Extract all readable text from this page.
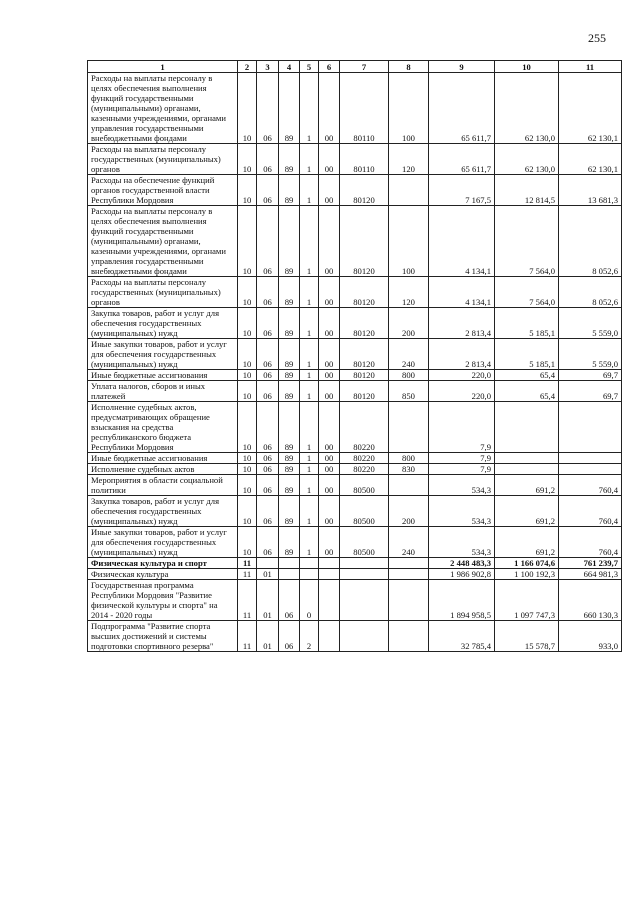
255
1	2	3	4	5	6	7	8	9	10	11
Расходы на выплаты персоналу в целях обеспечения выполнения функций государственными (муниципальными) органами, казенными учреждениями, органами управления государственными внебюджетными фондами	10	06	89	1	00	80110	100	65 611,7	62 130,0	62 130,1
Расходы на выплаты персоналу государственных (муниципальных) органов	10	06	89	1	00	80110	120	65 611,7	62 130,0	62 130,1
Расходы на обеспечение функций органов государственной власти Республики Мордовия	10	06	89	1	00	80120		7 167,5	12 814,5	13 681,3
Расходы на выплаты персоналу в целях обеспечения выполнения функций государственными (муниципальными) органами, казенными учреждениями, органами управления государственными внебюджетными фондами	10	06	89	1	00	80120	100	4 134,1	7 564,0	8 052,6
Расходы на выплаты персоналу государственных (муниципальных) органов	10	06	89	1	00	80120	120	4 134,1	7 564,0	8 052,6
Закупка товаров, работ и услуг для обеспечения государственных (муниципальных) нужд	10	06	89	1	00	80120	200	2 813,4	5 185,1	5 559,0
Иные закупки товаров, работ и услуг для обеспечения государственных (муниципальных) нужд	10	06	89	1	00	80120	240	2 813,4	5 185,1	5 559,0
Иные бюджетные ассигнования	10	06	89	1	00	80120	800	220,0	65,4	69,7
Уплата налогов, сборов и иных платежей	10	06	89	1	00	80120	850	220,0	65,4	69,7
Исполнение судебных актов, предусматривающих обращение взыскания на средства республиканского бюджета Республики Мордовия	10	06	89	1	00	80220		7,9		
Иные бюджетные ассигнования	10	06	89	1	00	80220	800	7,9		
Исполнение судебных актов	10	06	89	1	00	80220	830	7,9		
Мероприятия в области социальной политики	10	06	89	1	00	80500		534,3	691,2	760,4
Закупка товаров, работ и услуг для обеспечения государственных (муниципальных) нужд	10	06	89	1	00	80500	200	534,3	691,2	760,4
Иные закупки товаров, работ и услуг для обеспечения государственных (муниципальных) нужд	10	06	89	1	00	80500	240	534,3	691,2	760,4
Физическая культура и спорт	11							2 448 483,3	1 166 074,6	761 239,7
Физическая культура	11	01						1 986 902,8	1 100 192,3	664 981,3
Государственная программа Республики Мордовия "Развитие физической культуры и спорта" на 2014 - 2020 годы	11	01	06	0				1 894 958,5	1 097 747,3	660 130,3
Подпрограмма "Развитие спорта высших достижений и системы подготовки спортивного резерва"	11	01	06	2				32 785,4	15 578,7	933,0
